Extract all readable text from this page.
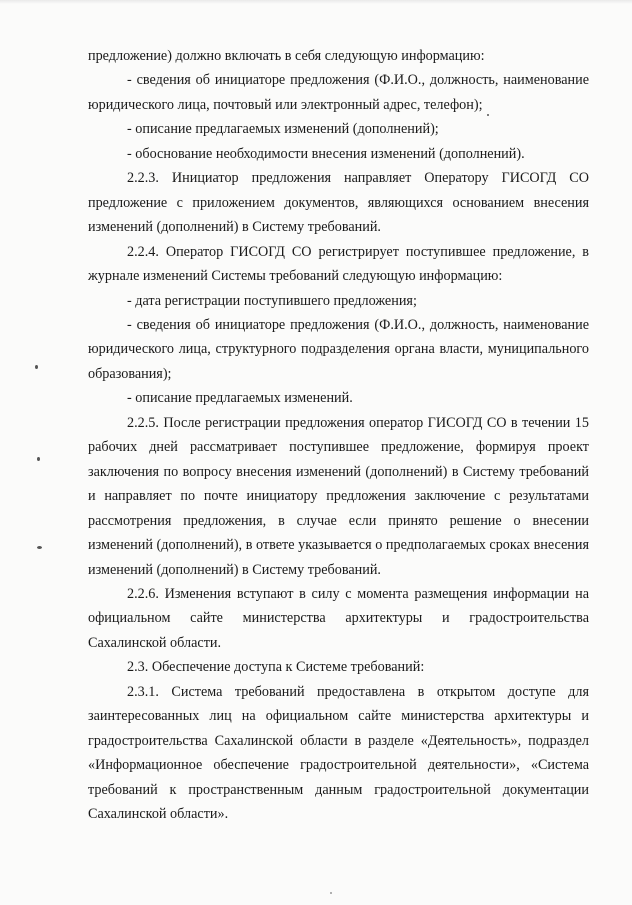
предложение) должно включать в себя следующую информацию:

- сведения об инициаторе предложения (Ф.И.О., должность, наименование юридического лица, почтовый или электронный адрес, телефон);

- описание предлагаемых изменений (дополнений);

- обоснование необходимости внесения изменений (дополнений).

2.2.3. Инициатор предложения направляет Оператору ГИСОГД СО предложение с приложением документов, являющихся основанием внесения изменений (дополнений) в Систему требований.

2.2.4. Оператор ГИСОГД СО регистрирует поступившее предложение, в журнале изменений Системы требований следующую информацию:

- дата регистрации поступившего предложения;

- сведения об инициаторе предложения (Ф.И.О., должность, наименование юридического лица, структурного подразделения органа власти, муниципального образования);

- описание предлагаемых изменений.

2.2.5. После регистрации предложения оператор ГИСОГД СО в течении 15 рабочих дней рассматривает поступившее предложение, формируя проект заключения по вопросу внесения изменений (дополнений) в Систему требований и направляет по почте инициатору предложения заключение с результатами рассмотрения предложения, в случае если принято решение о внесении изменений (дополнений), в ответе указывается о предполагаемых сроках внесения изменений (дополнений) в Систему требований.

2.2.6. Изменения вступают в силу с момента размещения информации на официальном сайте министерства архитектуры и градостроительства Сахалинской области.

2.3. Обеспечение доступа к Системе требований:

2.3.1. Система требований предоставлена в открытом доступе для заинтересованных лиц на официальном сайте министерства архитектуры и градостроительства Сахалинской области в разделе «Деятельность», подраздел «Информационное обеспечение градостроительной деятельности», «Система требований к пространственным данным градостроительной документации Сахалинской области».
